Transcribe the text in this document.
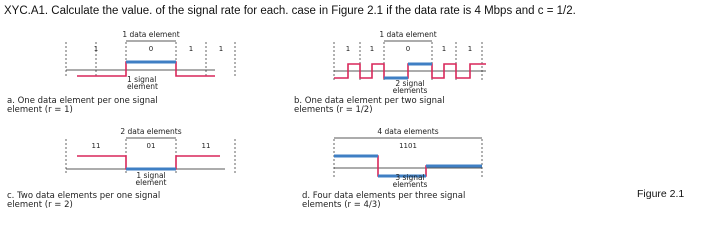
XYC.A1. Calculate the value. of the signal rate for each. case in Figure 2.1 if the data rate is 4 Mbps and c = 1/2.
1 data element
1	0	1	1
1 signal
element
a. One data element per one signal
element (r = 1)
1 data element
1	1	0	1	1
2 signal
elements
b. One data element per two signal
elements (r = 1/2)
2 data elements
11	01	11
1 signal
element
c. Two data elements per one signal
element (r = 2)
4 data elements
1101
3 signal
elements
d. Four data elements per three signal
elements (r = 4/3)
Figure 2.1
